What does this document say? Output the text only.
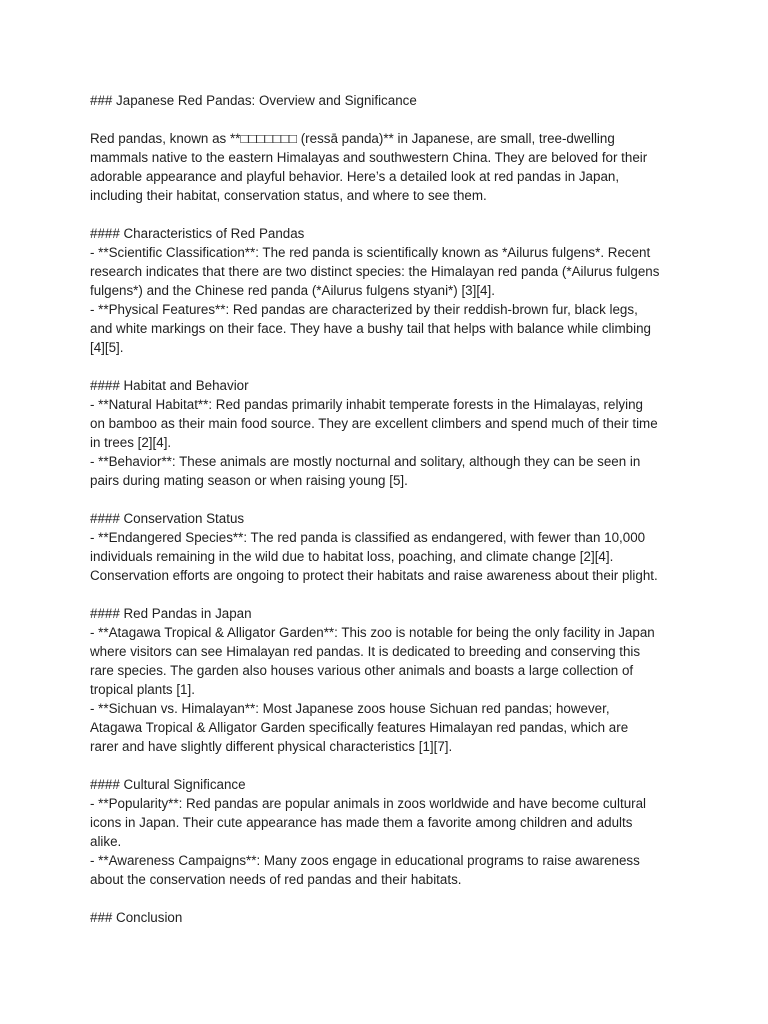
### Japanese Red Pandas: Overview and Significance

Red pandas, known as **□□□□□□□ (ressā panda)** in Japanese, are small, tree-dwelling

mammals native to the eastern Himalayas and southwestern China. They are beloved for their

adorable appearance and playful behavior. Here’s a detailed look at red pandas in Japan,

including their habitat, conservation status, and where to see them.

#### Characteristics of Red Pandas

- **Scientific Classification**: The red panda is scientifically known as *Ailurus fulgens*. Recent

research indicates that there are two distinct species: the Himalayan red panda (*Ailurus fulgens

fulgens*) and the Chinese red panda (*Ailurus fulgens styani*) [3][4].

- **Physical Features**: Red pandas are characterized by their reddish-brown fur, black legs,

and white markings on their face. They have a bushy tail that helps with balance while climbing

[4][5].

#### Habitat and Behavior

- **Natural Habitat**: Red pandas primarily inhabit temperate forests in the Himalayas, relying

on bamboo as their main food source. They are excellent climbers and spend much of their time

in trees [2][4].

- **Behavior**: These animals are mostly nocturnal and solitary, although they can be seen in

pairs during mating season or when raising young [5].

#### Conservation Status

- **Endangered Species**: The red panda is classified as endangered, with fewer than 10,000

individuals remaining in the wild due to habitat loss, poaching, and climate change [2][4].

Conservation efforts are ongoing to protect their habitats and raise awareness about their plight.

#### Red Pandas in Japan

- **Atagawa Tropical & Alligator Garden**: This zoo is notable for being the only facility in Japan

where visitors can see Himalayan red pandas. It is dedicated to breeding and conserving this

rare species. The garden also houses various other animals and boasts a large collection of

tropical plants [1].

- **Sichuan vs. Himalayan**: Most Japanese zoos house Sichuan red pandas; however,

Atagawa Tropical & Alligator Garden specifically features Himalayan red pandas, which are

rarer and have slightly different physical characteristics [1][7].

#### Cultural Significance

- **Popularity**: Red pandas are popular animals in zoos worldwide and have become cultural

icons in Japan. Their cute appearance has made them a favorite among children and adults

alike.

- **Awareness Campaigns**: Many zoos engage in educational programs to raise awareness

about the conservation needs of red pandas and their habitats.

### Conclusion
